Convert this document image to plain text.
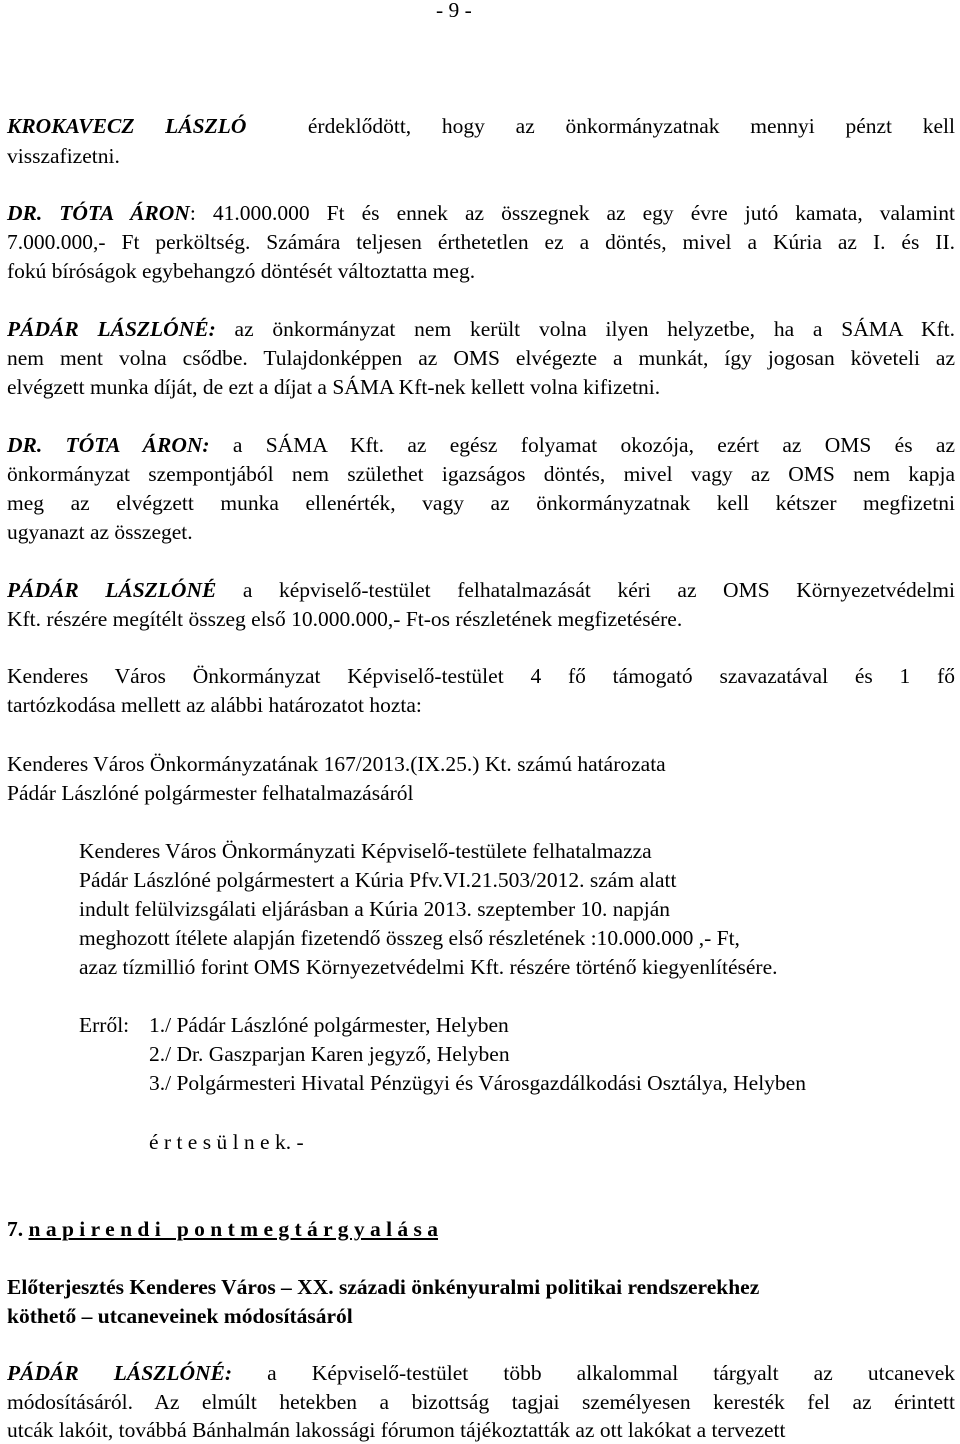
- 9 -
KROKAVECZ LÁSZLÓ	érdeklődött, hogy az önkormányzatnak mennyi pénzt kell
visszafizetni.
DR. TÓTA ÁRON: 41.000.000 Ft és ennek az összegnek az egy évre jutó kamata, valamint
7.000.000,- Ft perköltség. Számára teljesen érthetetlen ez a döntés, mivel a Kúria az I. és II.
fokú bíróságok egybehangzó döntését változtatta meg.
PÁDÁR LÁSZLÓNÉ: az önkormányzat nem került volna ilyen helyzetbe, ha a SÁMA Kft.
nem ment volna csődbe. Tulajdonképpen az OMS elvégezte a munkát, így jogosan követeli az
elvégzett munka díját, de ezt a díjat a SÁMA Kft-nek kellett volna kifizetni.
DR. TÓTA ÁRON: a SÁMA Kft. az egész folyamat okozója, ezért az OMS és az
önkormányzat szempontjából nem születhet igazságos döntés, mivel vagy az OMS nem kapja
meg az elvégzett munka ellenérték, vagy az önkormányzatnak kell kétszer megfizetni
ugyanazt az összeget.
PÁDÁR LÁSZLÓNÉ a képviselő-testület felhatalmazását kéri az OMS Környezetvédelmi
Kft. részére megítélt összeg első 10.000.000,- Ft-os részletének megfizetésére.
Kenderes Város Önkormányzat Képviselő-testület 4 fő támogató szavazatával és 1 fő
tartózkodása mellett az alábbi határozatot hozta:
Kenderes Város Önkormányzatának 167/2013.(IX.25.) Kt. számú határozata
Pádár Lászlóné polgármester felhatalmazásáról
Kenderes Város Önkormányzati Képviselő-testülete felhatalmazza
Pádár Lászlóné polgármestert a Kúria Pfv.VI.21.503/2012. szám alatt
indult felülvizsgálati eljárásban a Kúria 2013. szeptember 10. napján
meghozott ítélete alapján fizetendő összeg első részletének :10.000.000 ,- Ft,
azaz tízmillió forint OMS Környezetvédelmi Kft. részére történő kiegyenlítésére.
Erről: 1./ Pádár Lászlóné polgármester, Helyben
2./ Dr. Gaszparjan Karen jegyző, Helyben
3./ Polgármesteri Hivatal Pénzügyi és Városgazdálkodási Osztálya, Helyben
é r t e s ü l n e k. -
7. n a p i r e n d i   p o n t m e g t á r g y a l á s a
Előterjesztés Kenderes Város – XX. századi önkényuralmi politikai rendszerekhez
köthető – utcaneveinek módosításáról
PÁDÁR LÁSZLÓNÉ: a Képviselő-testület több alkalommal tárgyalt az utcanevek
módosításáról. Az elmúlt hetekben a bizottság tagjai személyesen keresték fel az érintett
utcák lakóit, továbbá Bánhalmán lakossági fórumon tájékoztatták az ott lakókat a tervezett
